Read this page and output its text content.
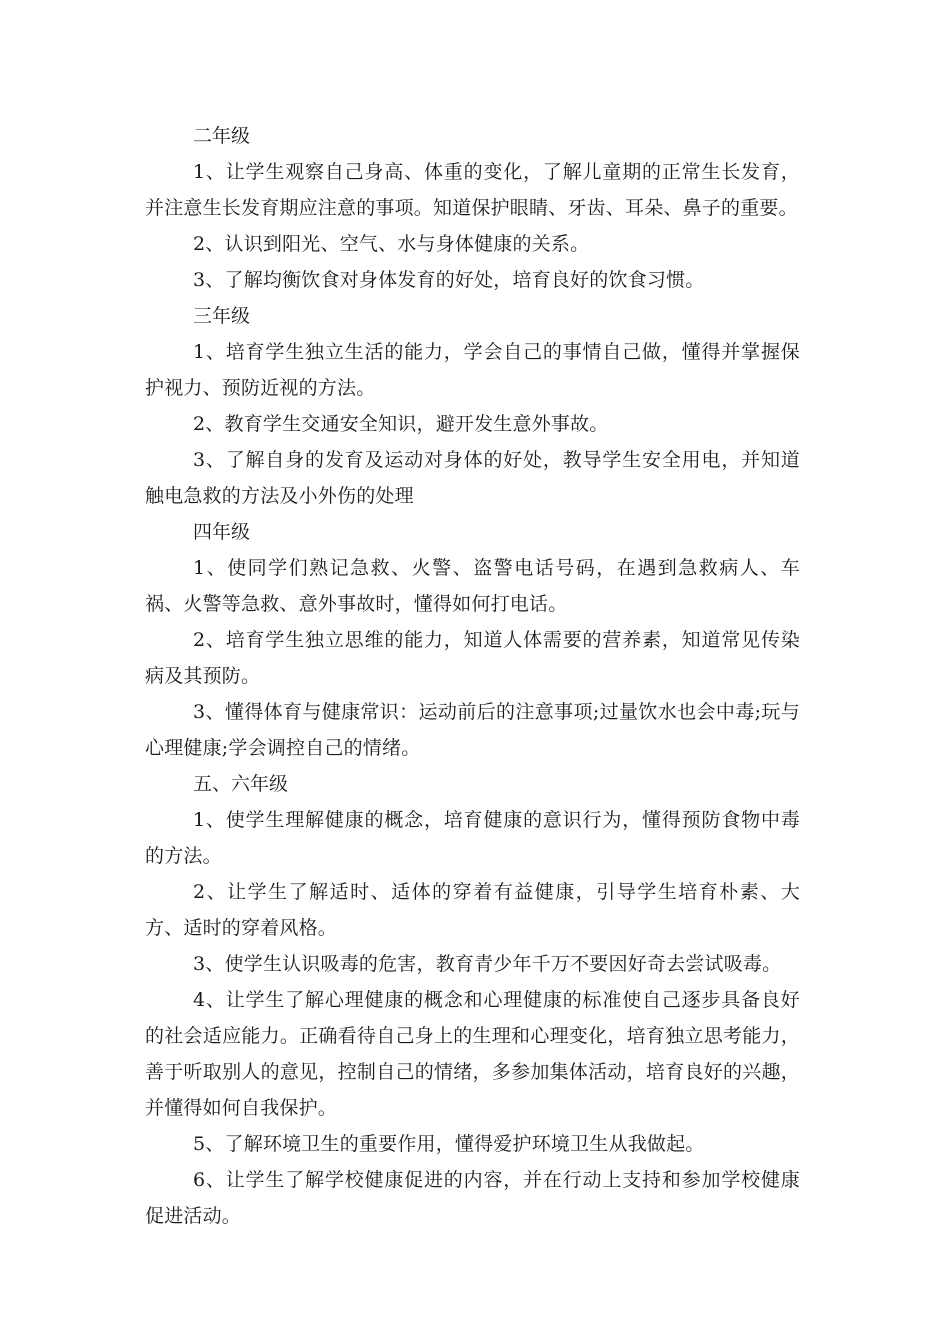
二年级

1、让学生观察自己身高、体重的变化，了解儿童期的正常生长发育，并注意生长发育期应注意的事项。知道保护眼睛、牙齿、耳朵、鼻子的重要。

2、认识到阳光、空气、水与身体健康的关系。

3、了解均衡饮食对身体发育的好处，培育良好的饮食习惯。

三年级

1、培育学生独立生活的能力，学会自己的事情自己做，懂得并掌握保护视力、预防近视的方法。

2、教育学生交通安全知识，避开发生意外事故。

3、了解自身的发育及运动对身体的好处，教导学生安全用电，并知道触电急救的方法及小外伤的处理

四年级

1、使同学们熟记急救、火警、盗警电话号码，在遇到急救病人、车祸、火警等急救、意外事故时，懂得如何打电话。

2、培育学生独立思维的能力，知道人体需要的营养素，知道常见传染病及其预防。

3、懂得体育与健康常识：运动前后的注意事项;过量饮水也会中毒;玩与心理健康;学会调控自己的情绪。

五、六年级

1、使学生理解健康的概念，培育健康的意识行为，懂得预防食物中毒的方法。

2、让学生了解适时、适体的穿着有益健康，引导学生培育朴素、大方、适时的穿着风格。

3、使学生认识吸毒的危害，教育青少年千万不要因好奇去尝试吸毒。

4、让学生了解心理健康的概念和心理健康的标准使自己逐步具备良好的社会适应能力。正确看待自己身上的生理和心理变化，培育独立思考能力，善于听取别人的意见，控制自己的情绪，多参加集体活动，培育良好的兴趣，并懂得如何自我保护。

5、了解环境卫生的重要作用，懂得爱护环境卫生从我做起。

6、让学生了解学校健康促进的内容，并在行动上支持和参加学校健康促进活动。
